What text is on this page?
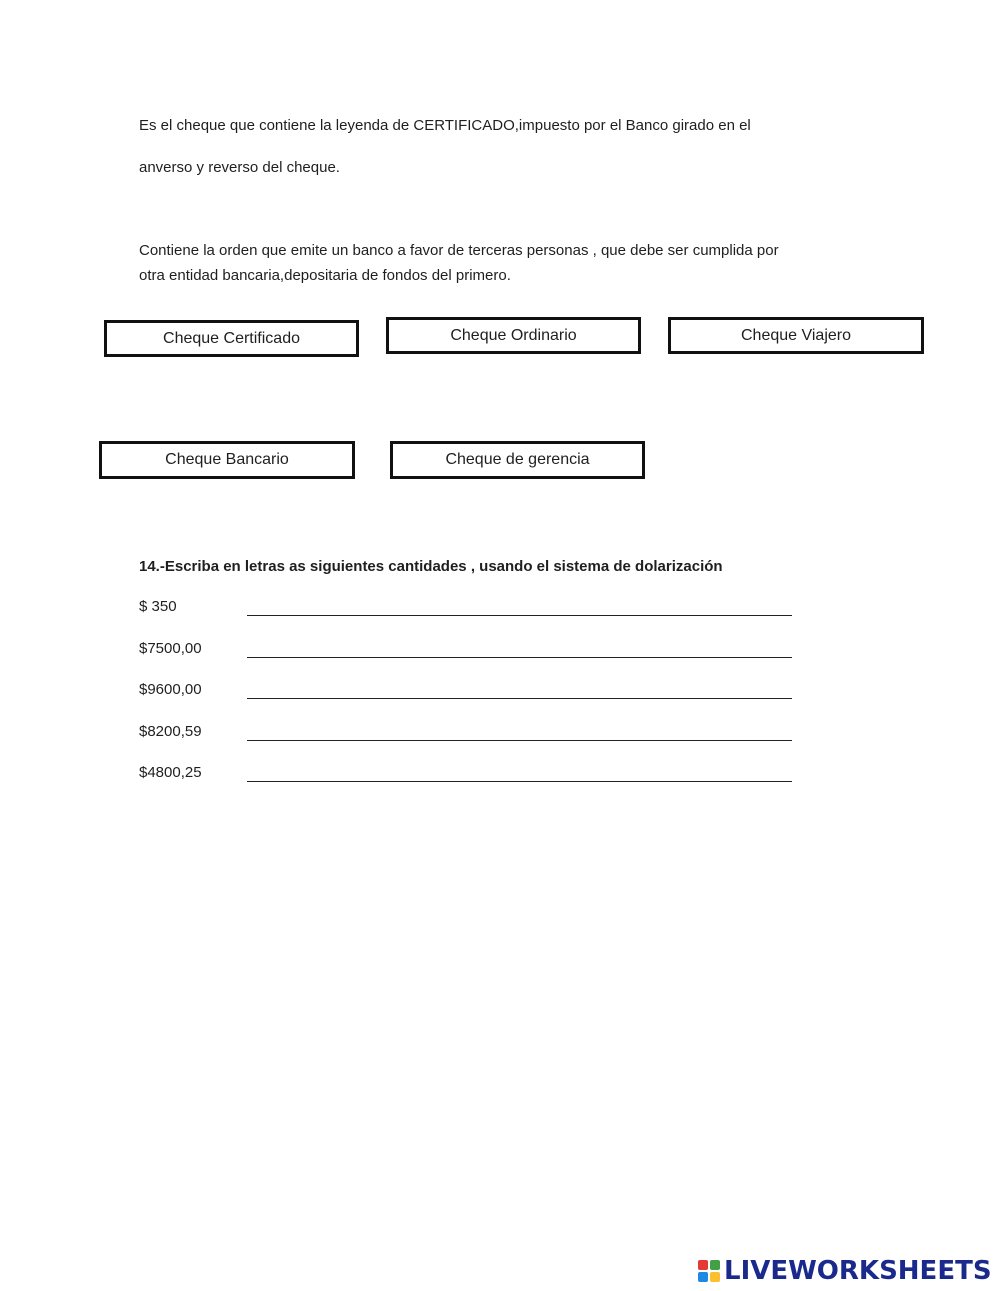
Es el cheque que contiene la leyenda de CERTIFICADO,impuesto por el Banco girado en el
anverso y reverso del cheque.
Contiene la orden que emite un banco a favor de terceras personas , que debe ser cumplida por
otra entidad bancaria,depositaria de fondos del primero.
Cheque Certificado	Cheque Ordinario	Cheque Viajero
Cheque Bancario	Cheque de gerencia
14.-Escriba en letras as siguientes cantidades , usando el sistema de dolarización
$ 350
$7500,00
$9600,00
$8200,59
$4800,25
LIVEWORKSHEETS
